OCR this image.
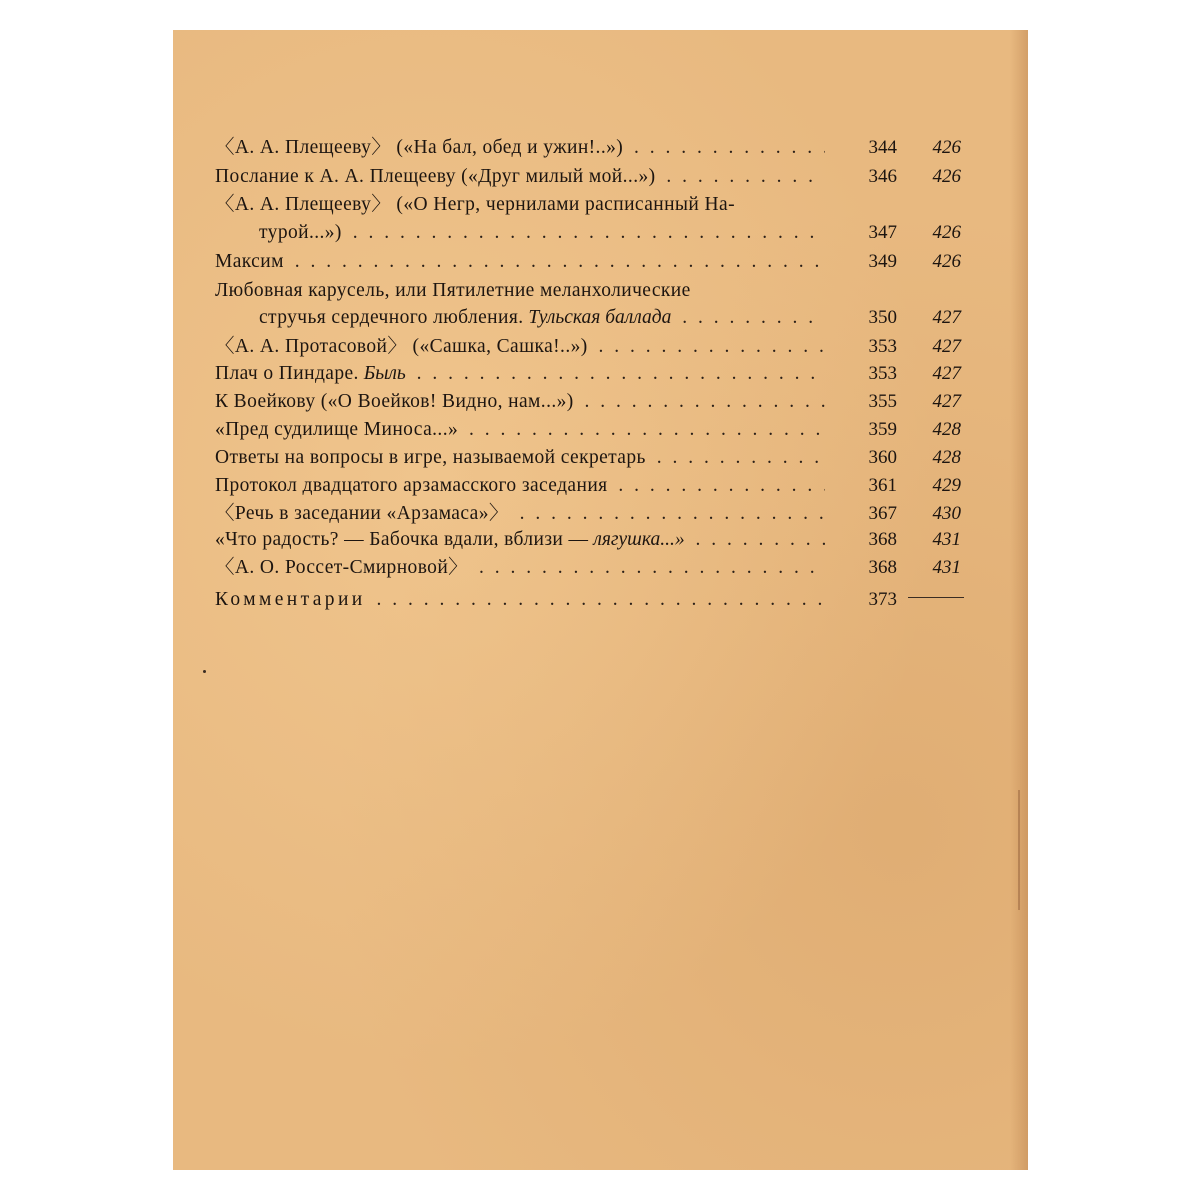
〈А. А. Плещееву〉 («На бал, обед и ужин!..») . . .	344	426
Послание к А. А. Плещееву («Друг милый мой...») . . .	346	426
〈А. А. Плещееву〉 («О Негр, чернилами расписанный На-
турой...») . . .	347	426
Максим . . .	349	426
Любовная карусель, или Пятилетние меланхолические
стручья сердечного любления. Тульская баллада . . .	350	427
〈А. А. Протасовой〉 («Сашка, Сашка!..») . . .	353	427
Плач о Пиндаре. Быль . . .	353	427
К Воейкову («О Воейков! Видно, нам...») . . .	355	427
«Пред судилище Миноса...» . . .	359	428
Ответы на вопросы в игре, называемой секретарь . . .	360	428
Протокол двадцатого арзамасского заседания . . .	361	429
〈Речь в заседании «Арзамаса»〉 . . .	367	430
«Что радость? — Бабочка вдали, вблизи — лягушка...» . . .	368	431
〈А. О. Россет-Смирновой〉 . . .	368	431
Комментарии . . .	373
